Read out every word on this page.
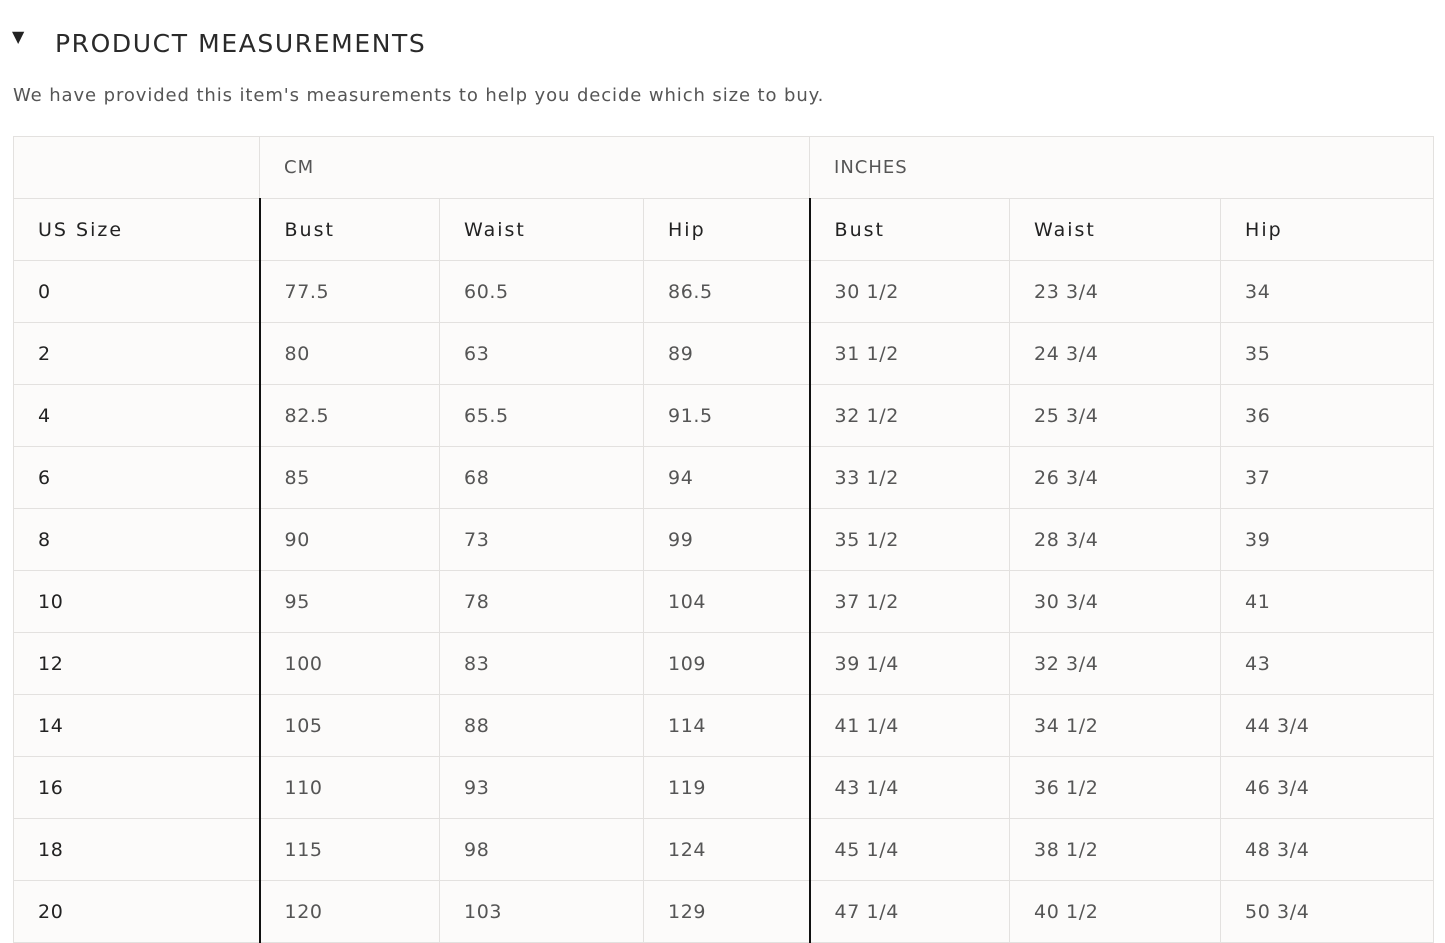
▼ PRODUCT MEASUREMENTS
We have provided this item's measurements to help you decide which size to buy.
	CM			INCHES		
US Size	Bust	Waist	Hip	Bust	Waist	Hip
0	77.5	60.5	86.5	30 1/2	23 3/4	34
2	80	63	89	31 1/2	24 3/4	35
4	82.5	65.5	91.5	32 1/2	25 3/4	36
6	85	68	94	33 1/2	26 3/4	37
8	90	73	99	35 1/2	28 3/4	39
10	95	78	104	37 1/2	30 3/4	41
12	100	83	109	39 1/4	32 3/4	43
14	105	88	114	41 1/4	34 1/2	44 3/4
16	110	93	119	43 1/4	36 1/2	46 3/4
18	115	98	124	45 1/4	38 1/2	48 3/4
20	120	103	129	47 1/4	40 1/2	50 3/4
